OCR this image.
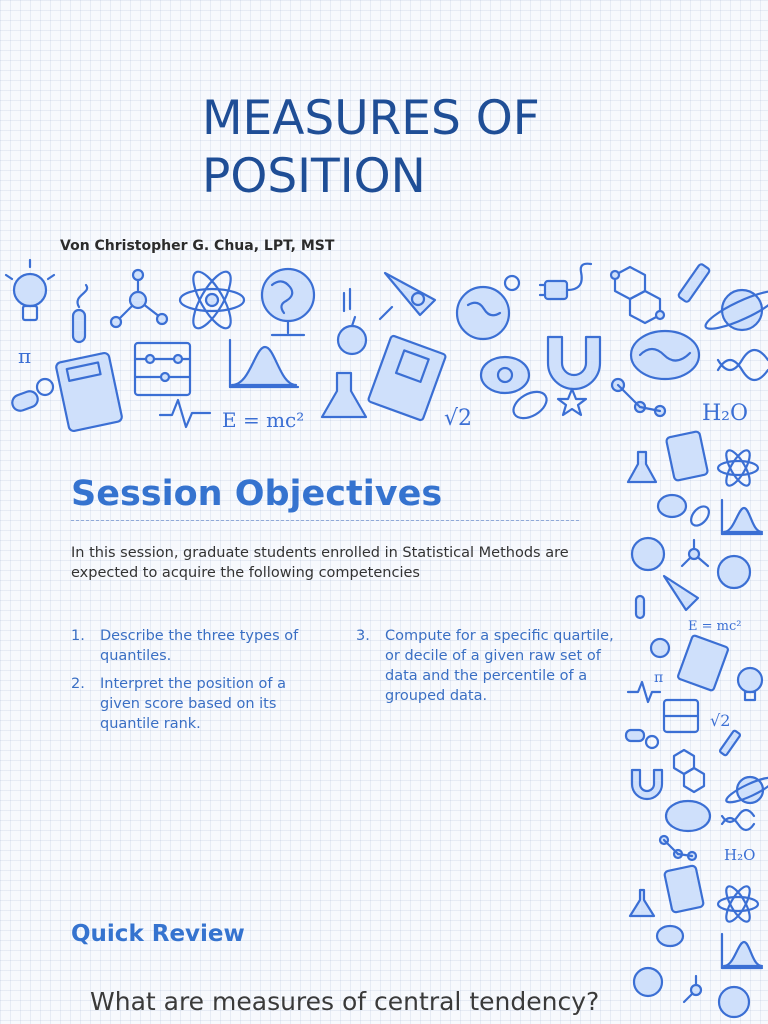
MEASURES OF
POSITION
Von Christopher G. Chua, LPT, MST
π
E = mc²	√2	H₂O
E = mc²
π
√2
H₂O
Session Objectives
In this session, graduate students enrolled in Statistical Methods are expected to acquire the following competencies
1. Describe the three types of quantiles.
2. Interpret the position of a given score based on its quantile rank.
3. Compute for a specific quartile, or decile of a given raw set of data and the percentile of a grouped data.
Quick Review
What are measures of central tendency?
